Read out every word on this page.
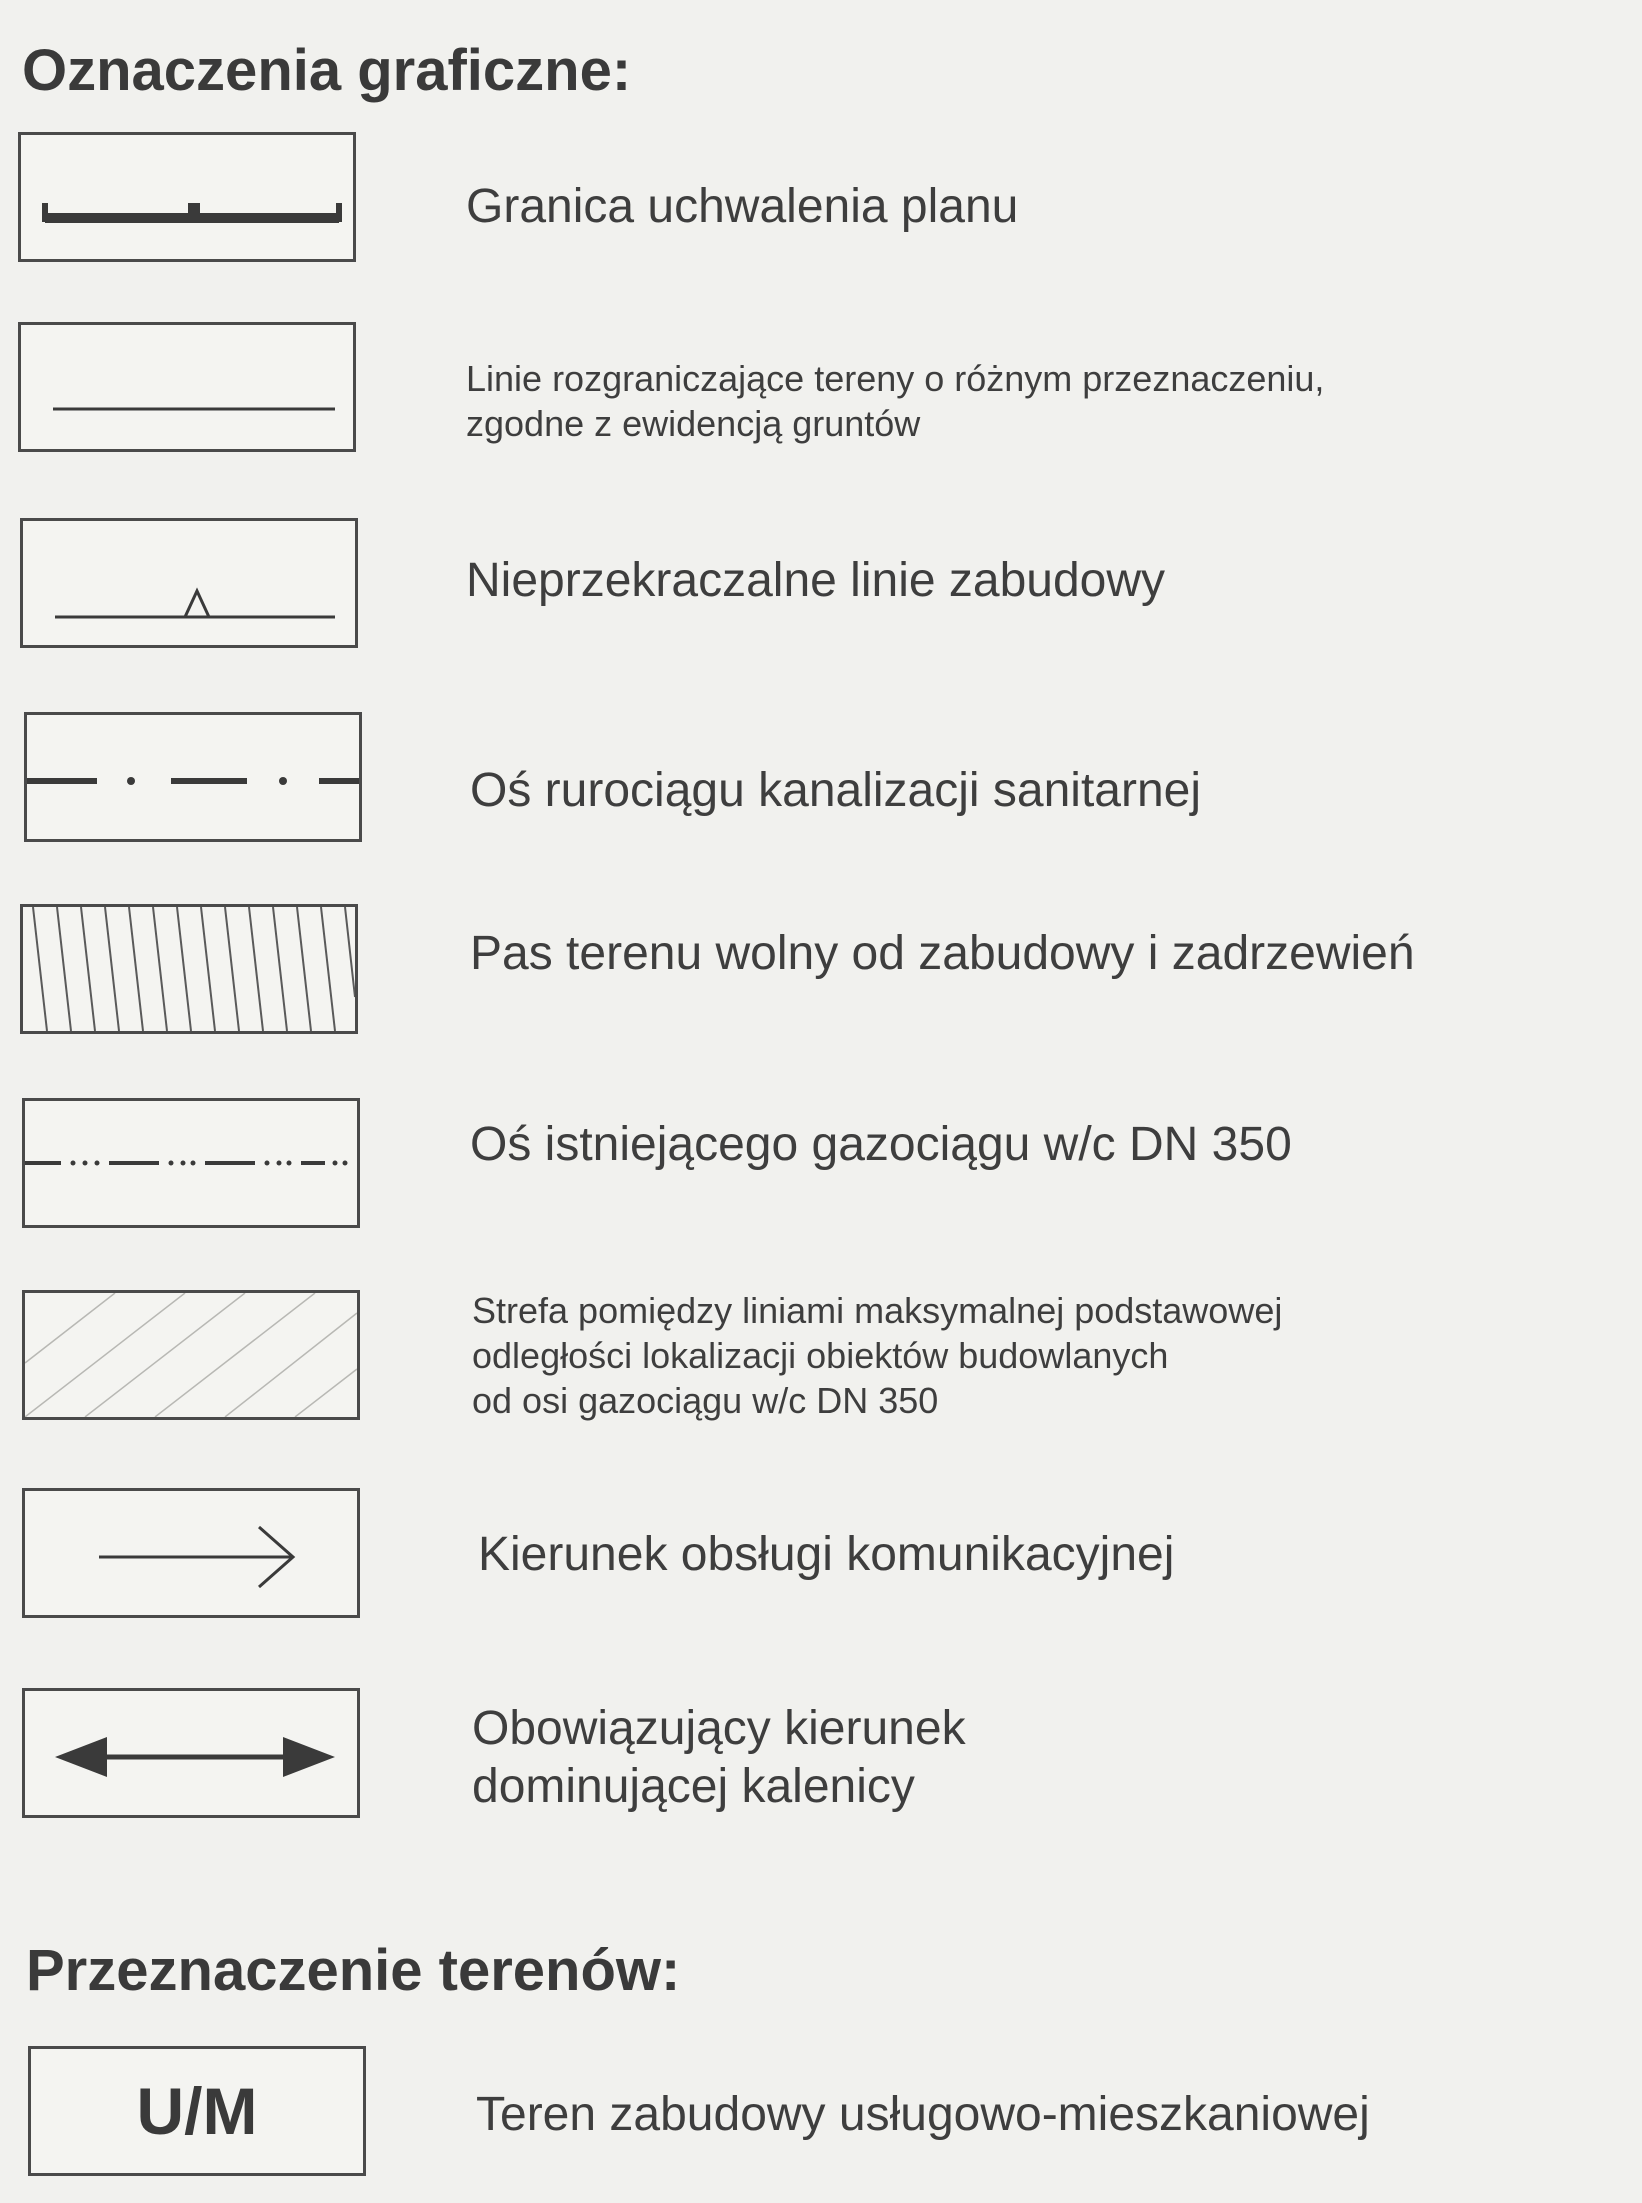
Oznaczenia graficzne:
Granica uchwalenia planu
Linie rozgraniczające tereny o różnym przeznaczeniu,
zgodne z ewidencją gruntów
Nieprzekraczalne linie zabudowy
Oś rurociągu kanalizacji sanitarnej
Pas terenu wolny od zabudowy i zadrzewień
Oś istniejącego gazociągu w/c DN 350
Strefa pomiędzy liniami maksymalnej podstawowej
odległości lokalizacji obiektów budowlanych
od osi gazociągu w/c DN 350
Kierunek obsługi komunikacyjnej
Obowiązujący kierunek
dominującej kalenicy
Przeznaczenie terenów:
U/M	Teren zabudowy usługowo-mieszkaniowej
